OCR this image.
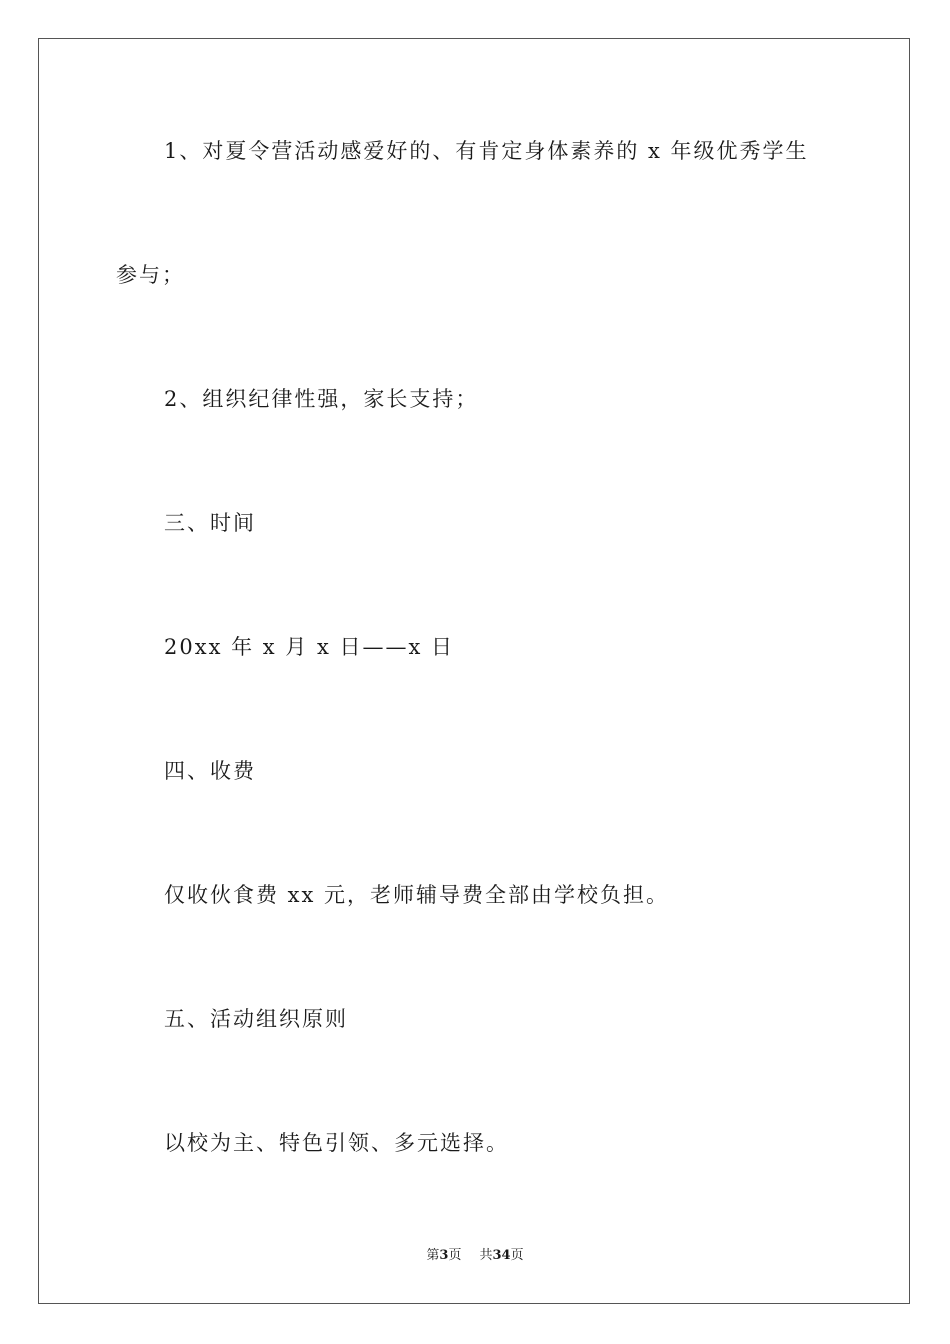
1、对夏令营活动感爱好的、有肯定身体素养的 x 年级优秀学生

参与；

2、组织纪律性强，家长支持；

三、时间

20xx 年 x 月 x 日——x 日

四、收费

仅收伙食费 xx 元，老师辅导费全部由学校负担。

五、活动组织原则

以校为主、特色引领、多元选择。

第3页 共34页
